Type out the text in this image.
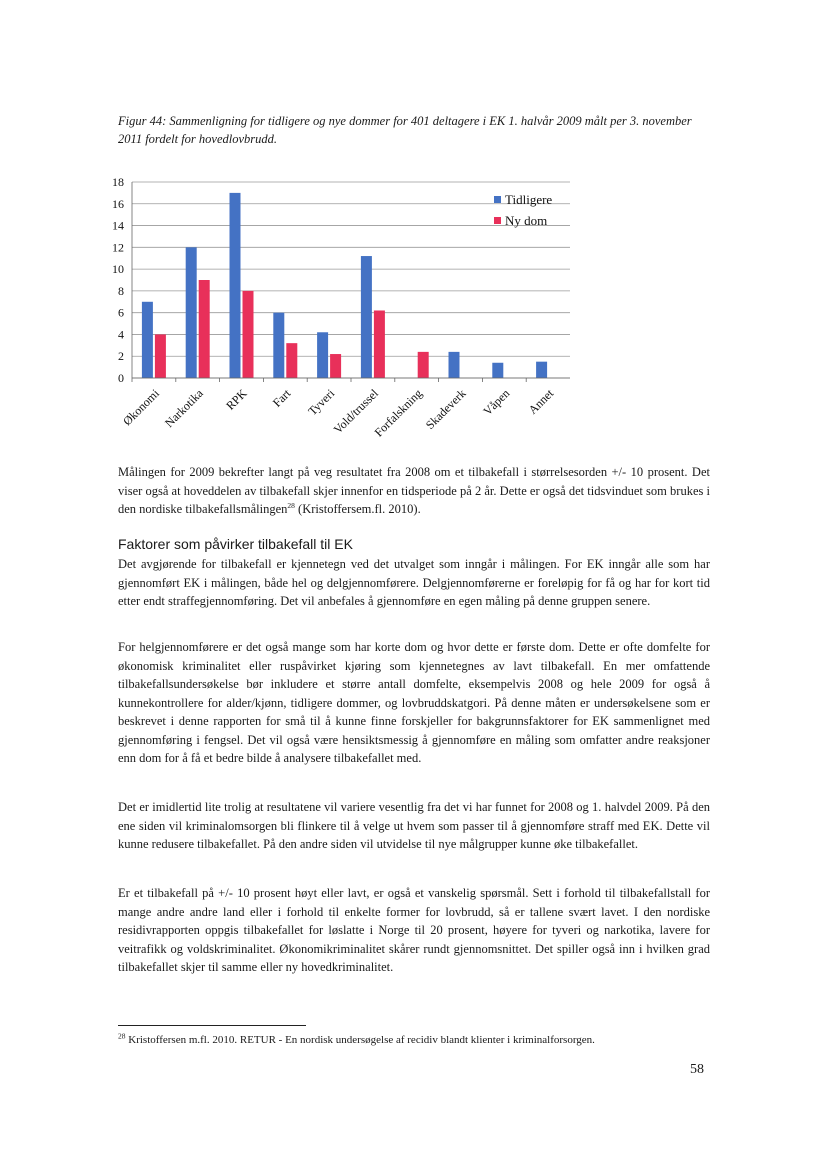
Figur 44: Sammenligning for tidligere og nye dommer for 401 deltagere i EK 1. halvår 2009 målt per 3. november 2011 fordelt for hovedlovbrudd.
0
2
4
6
8
10
12
14
16
18
Økonomi Narkotika RPK Fart Tyveri
Vold/trussel
Forfalskning
Skadeverk Våpen Annet
Tidligere
Ny dom

Målingen for 2009 bekrefter langt på veg resultatet fra 2008 om et tilbakefall i størrelsesorden +/- 10 prosent. Det viser også at hoveddelen av tilbakefall skjer innenfor en tidsperiode på 2 år. Dette er også det tidsvinduet som brukes i den nordiske tilbakefallsmålingen$^{28}$ (Kristoffersem.fl. 2010).

Faktorer som påvirker tilbakefall til EK

Det avgjørende for tilbakefall er kjennetegn ved det utvalget som inngår i målingen. For EK inngår alle som har gjennomført EK i målingen, både hel og delgjennomførere. Delgjennomførerne er foreløpig for få og har for kort tid etter endt straffegjennomføring. Det vil anbefales å gjennomføre en egen måling på denne gruppen senere.

For helgjennomførere er det også mange som har korte dom og hvor dette er første dom. Dette er ofte domfelte for økonomisk kriminalitet eller ruspåvirket kjøring som kjennetegnes av lavt tilbakefall. En mer omfattende tilbakefallsundersøkelse bør inkludere et større antall domfelte, eksempelvis 2008 og hele 2009 for også å kunnekontrollere for alder/kjønn, tidligere dommer, og lovbruddskatgori. På denne måten er undersøkelsene som er beskrevet i denne rapporten for små til å kunne finne forskjeller for bakgrunnsfaktorer for EK sammenlignet med gjennomføring i fengsel. Det vil også være hensiktsmessig å gjennomføre en måling som omfatter andre reaksjoner enn dom for å få et bedre bilde å analysere tilbakefallet med.

Det er imidlertid lite trolig at resultatene vil variere vesentlig fra det vi har funnet for 2008 og 1. halvdel 2009. På den ene siden vil kriminalomsorgen bli flinkere til å velge ut hvem som passer til å gjennomføre straff med EK. Dette vil kunne redusere tilbakefallet. På den andre siden vil utvidelse til nye målgrupper kunne øke tilbakefallet.

Er et tilbakefall på +/- 10 prosent høyt eller lavt, er også et vanskelig spørsmål. Sett i forhold til tilbakefallstall for mange andre andre land eller i forhold til enkelte former for lovbrudd, så er tallene svært lavet. I den nordiske residivrapporten oppgis tilbakefallet for løslatte i Norge til 20 prosent, høyere for tyveri og narkotika, lavere for veitrafikk og voldskriminalitet. Økonomikriminalitet skårer rundt gjennomsnittet. Det spiller også inn i hvilken grad tilbakefallet skjer til samme eller ny hovedkriminalitet.

$^{28}$ Kristoffersen m.fl. 2010. RETUR - En nordisk undersøgelse af recidiv blandt klienter i kriminalforsorgen.
58
